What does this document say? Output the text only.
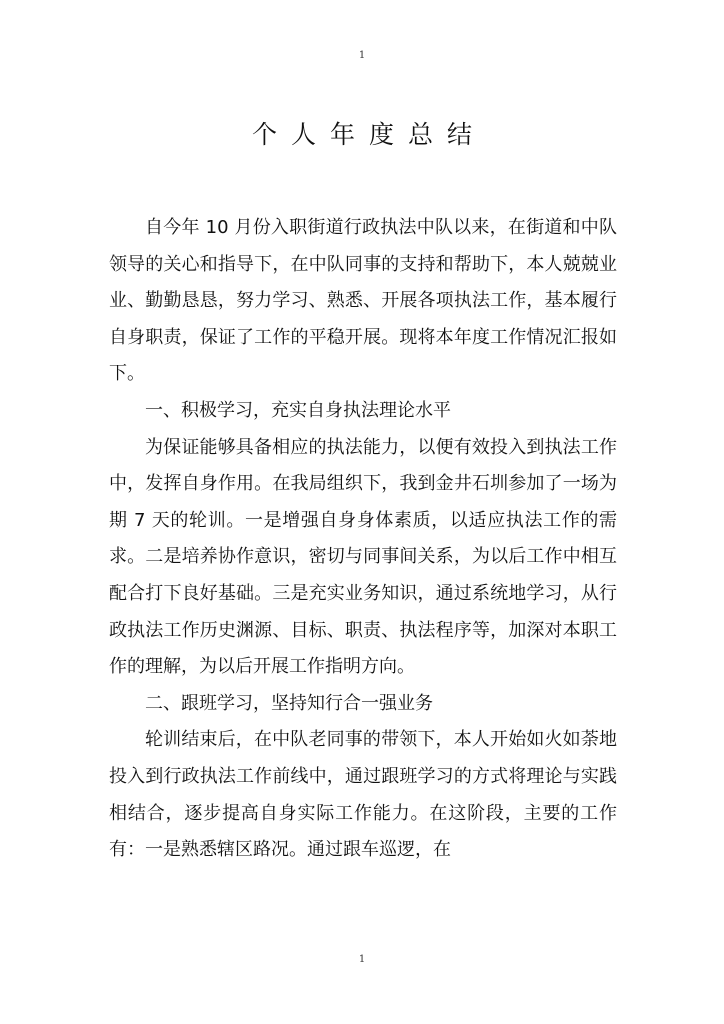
1
个人年度总结

自今年 10 月份入职街道行政执法中队以来，在街道和中队领导的关心和指导下，在中队同事的支持和帮助下，本人兢兢业业、勤勤恳恳，努力学习、熟悉、开展各项执法工作，基本履行自身职责，保证了工作的平稳开展。现将本年度工作情况汇报如下。

一、积极学习，充实自身执法理论水平

为保证能够具备相应的执法能力，以便有效投入到执法工作中，发挥自身作用。在我局组织下，我到金井石圳参加了一场为期 7 天的轮训。一是增强自身身体素质，以适应执法工作的需求。二是培养协作意识，密切与同事间关系，为以后工作中相互配合打下良好基础。三是充实业务知识，通过系统地学习，从行政执法工作历史渊源、目标、职责、执法程序等，加深对本职工作的理解，为以后开展工作指明方向。

二、跟班学习，坚持知行合一强业务

轮训结束后，在中队老同事的带领下，本人开始如火如荼地投入到行政执法工作前线中，通过跟班学习的方式将理论与实践相结合，逐步提高自身实际工作能力。在这阶段，主要的工作有：一是熟悉辖区路况。通过跟车巡逻，在

1
